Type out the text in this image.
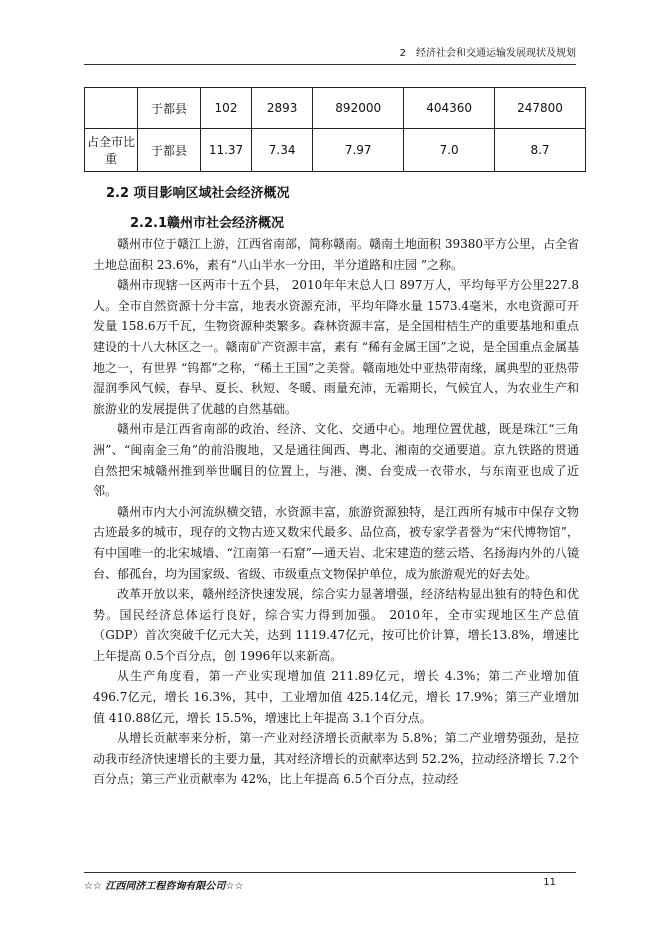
2 经济社会和交通运输发展现状及规划
	于都县	102	2893	892000	404360	247800
占全市比重	于都县	11.37	7.34	7.97	7.0	8.7
2.2 项目影响区域社会经济概况
2.2.1赣州市社会经济概况

赣州市位于赣江上游，江西省南部，简称赣南。赣南土地面积 39380平方公里，占全省土地总面积 23.6%，素有“八山半水一分田，半分道路和庄园 ”之称。

赣州市现辖一区两市十五个县， 2010年年末总人口 897万人，平均每平方公里227.8人。全市自然资源十分丰富，地表水资源充沛，平均年降水量 1573.4毫米，水电资源可开发量 158.6万千瓦，生物资源种类繁多。森林资源丰富，是全国柑桔生产的重要基地和重点建设的十八大林区之一。赣南矿产资源丰富，素有 “稀有金属王国”之说，是全国重点金属基地之一，有世界 “钨都”之称，“稀土王国”之美誉。赣南地处中亚热带南缘，属典型的亚热带湿润季风气候，春早、夏长、秋短、冬暖、雨量充沛，无霜期长，气候宜人，为农业生产和旅游业的发展提供了优越的自然基础。

赣州市是江西省南部的政治、经济、文化、交通中心。地理位置优越，既是珠江“三角洲”、“闽南金三角”的前沿腹地，又是通往闽西、粤北、湘南的交通要道。京九铁路的贯通自然把宋城赣州推到举世瞩目的位置上，与港、澳、台变成一衣带水，与东南亚也成了近邻。

赣州市内大小河流纵横交错，水资源丰富，旅游资源独特，是江西所有城市中保存文物古迹最多的城市，现存的文物古迹又数宋代最多、品位高，被专家学者誉为“宋代博物馆”，有中国唯一的北宋城墙、“江南第一石窟”—通天岩、北宋建造的慈云塔、名扬海内外的八镜台、郁孤台，均为国家级、省级、市级重点文物保护单位，成为旅游观光的好去处。

改革开放以来，赣州经济快速发展，综合实力显著增强，经济结构显出独有的特色和优势。国民经济总体运行良好，综合实力得到加强。 2010年，全市实现地区生产总值（GDP）首次突破千亿元大关，达到 1119.47亿元，按可比价计算，增长13.8%，增速比上年提高 0.5个百分点，创 1996年以来新高。

从生产角度看，第一产业实现增加值 211.89亿元，增长 4.3%；第二产业增加值 496.7亿元，增长 16.3%，其中，工业增加值 425.14亿元，增长 17.9%；第三产业增加值 410.88亿元，增长 15.5%，增速比上年提高 3.1个百分点。

从增长贡献率来分析，第一产业对经济增长贡献率为 5.8%；第二产业增势强劲，是拉动我市经济快速增长的主要力量，其对经济增长的贡献率达到 52.2%，拉动经济增长 7.2个百分点；第三产业贡献率为 42%，比上年提高 6.5个百分点，拉动经

☆☆ 江西同济工程咨询有限公司☆☆	11
